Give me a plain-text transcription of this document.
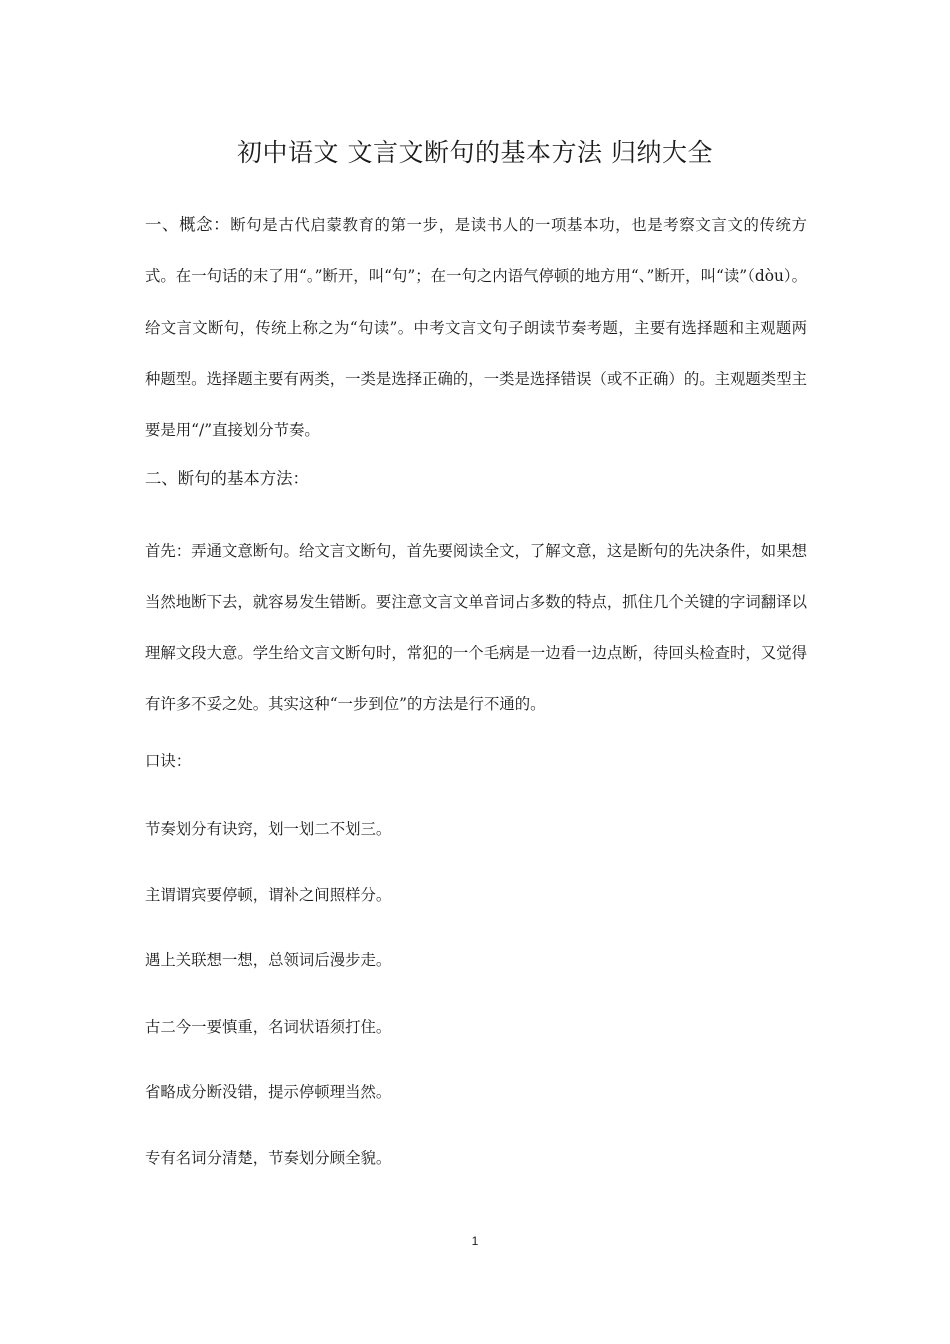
初中语文 文言文断句的基本方法 归纳大全

一、概念：断句是古代启蒙教育的第一步，是读书人的一项基本功，也是考察文言文的传统方式。在一句话的末了用“。”断开，叫“句”；在一句之内语气停顿的地方用“、”断开，叫“读”（dòu）。给文言文断句，传统上称之为“句读”。中考文言文句子朗读节奏考题，主要有选择题和主观题两种题型。选择题主要有两类，一类是选择正确的，一类是选择错误（或不正确）的。主观题类型主要是用“/”直接划分节奏。

二、断句的基本方法：

首先：弄通文意断句。给文言文断句，首先要阅读全文，了解文意，这是断句的先决条件，如果想当然地断下去，就容易发生错断。要注意文言文单音词占多数的特点，抓住几个关键的字词翻译以理解文段大意。学生给文言文断句时，常犯的一个毛病是一边看一边点断，待回头检查时，又觉得有许多不妥之处。其实这种“一步到位”的方法是行不通的。

口诀：

节奏划分有诀窍，划一划二不划三。

主谓谓宾要停顿，谓补之间照样分。

遇上关联想一想，总领词后漫步走。

古二今一要慎重，名词状语须打住。

省略成分断没错，提示停顿理当然。

专有名词分清楚，节奏划分顾全貌。

1
